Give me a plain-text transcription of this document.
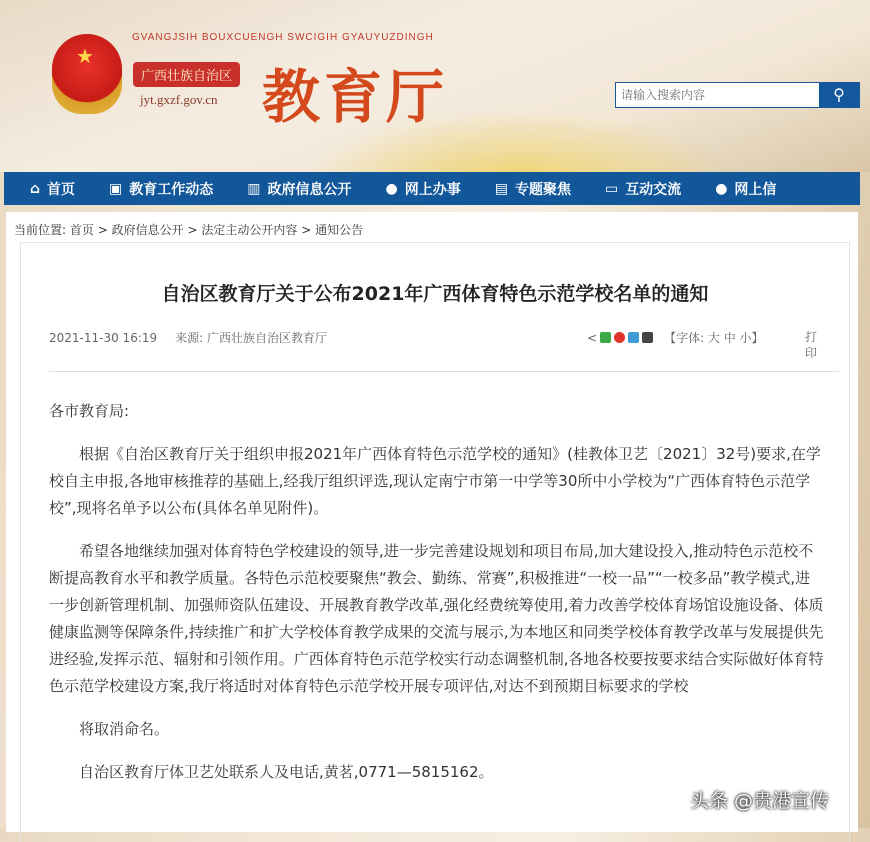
★
GVANGJSIH BOUXCUENGH SWCIGIH GYAUYUZDINGH
广西壮族自治区
jyt.gxzf.gov.cn 教育厅
请输入搜索内容	⚲
⌂ 首页 ▣ 教育工作动态 ▥ 政府信息公开 ● 网上办事 ▤ 专题聚焦 ▭ 互动交流 ● 网上信
当前位置: 首页 > 政府信息公开 > 法定主动公开内容 > 通知公告
自治区教育厅关于公布2021年广西体育特色示范学校名单的通知
2021-11-30 16:19 来源: 广西壮族自治区教育厅	<	【字体: 大 中 小】	打印

各市教育局:

根据《自治区教育厅关于组织申报2021年广西体育特色示范学校的通知》(桂教体卫艺〔2021〕32号)要求,在学校自主申报,各地审核推荐的基础上,经我厅组织评选,现认定南宁市第一中学等30所中小学校为“广西体育特色示范学校”,现将名单予以公布(具体名单见附件)。

希望各地继续加强对体育特色学校建设的领导,进一步完善建设规划和项目布局,加大建设投入,推动特色示范校不断提高教育水平和教学质量。各特色示范校要聚焦“教会、勤练、常赛”,积极推进“一校一品”“一校多品”教学模式,进一步创新管理机制、加强师资队伍建设、开展教育教学改革,强化经费统筹使用,着力改善学校体育场馆设施设备、体质健康监测等保障条件,持续推广和扩大学校体育教学成果的交流与展示,为本地区和同类学校体育教学改革与发展提供先进经验,发挥示范、辐射和引领作用。广西体育特色示范学校实行动态调整机制,各地各校要按要求结合实际做好体育特色示范学校建设方案,我厅将适时对体育特色示范学校开展专项评估,对达不到预期目标要求的学校

将取消命名。

自治区教育厅体卫艺处联系人及电话,黄茗,0771—5815162。

头条 @贵港宣传
